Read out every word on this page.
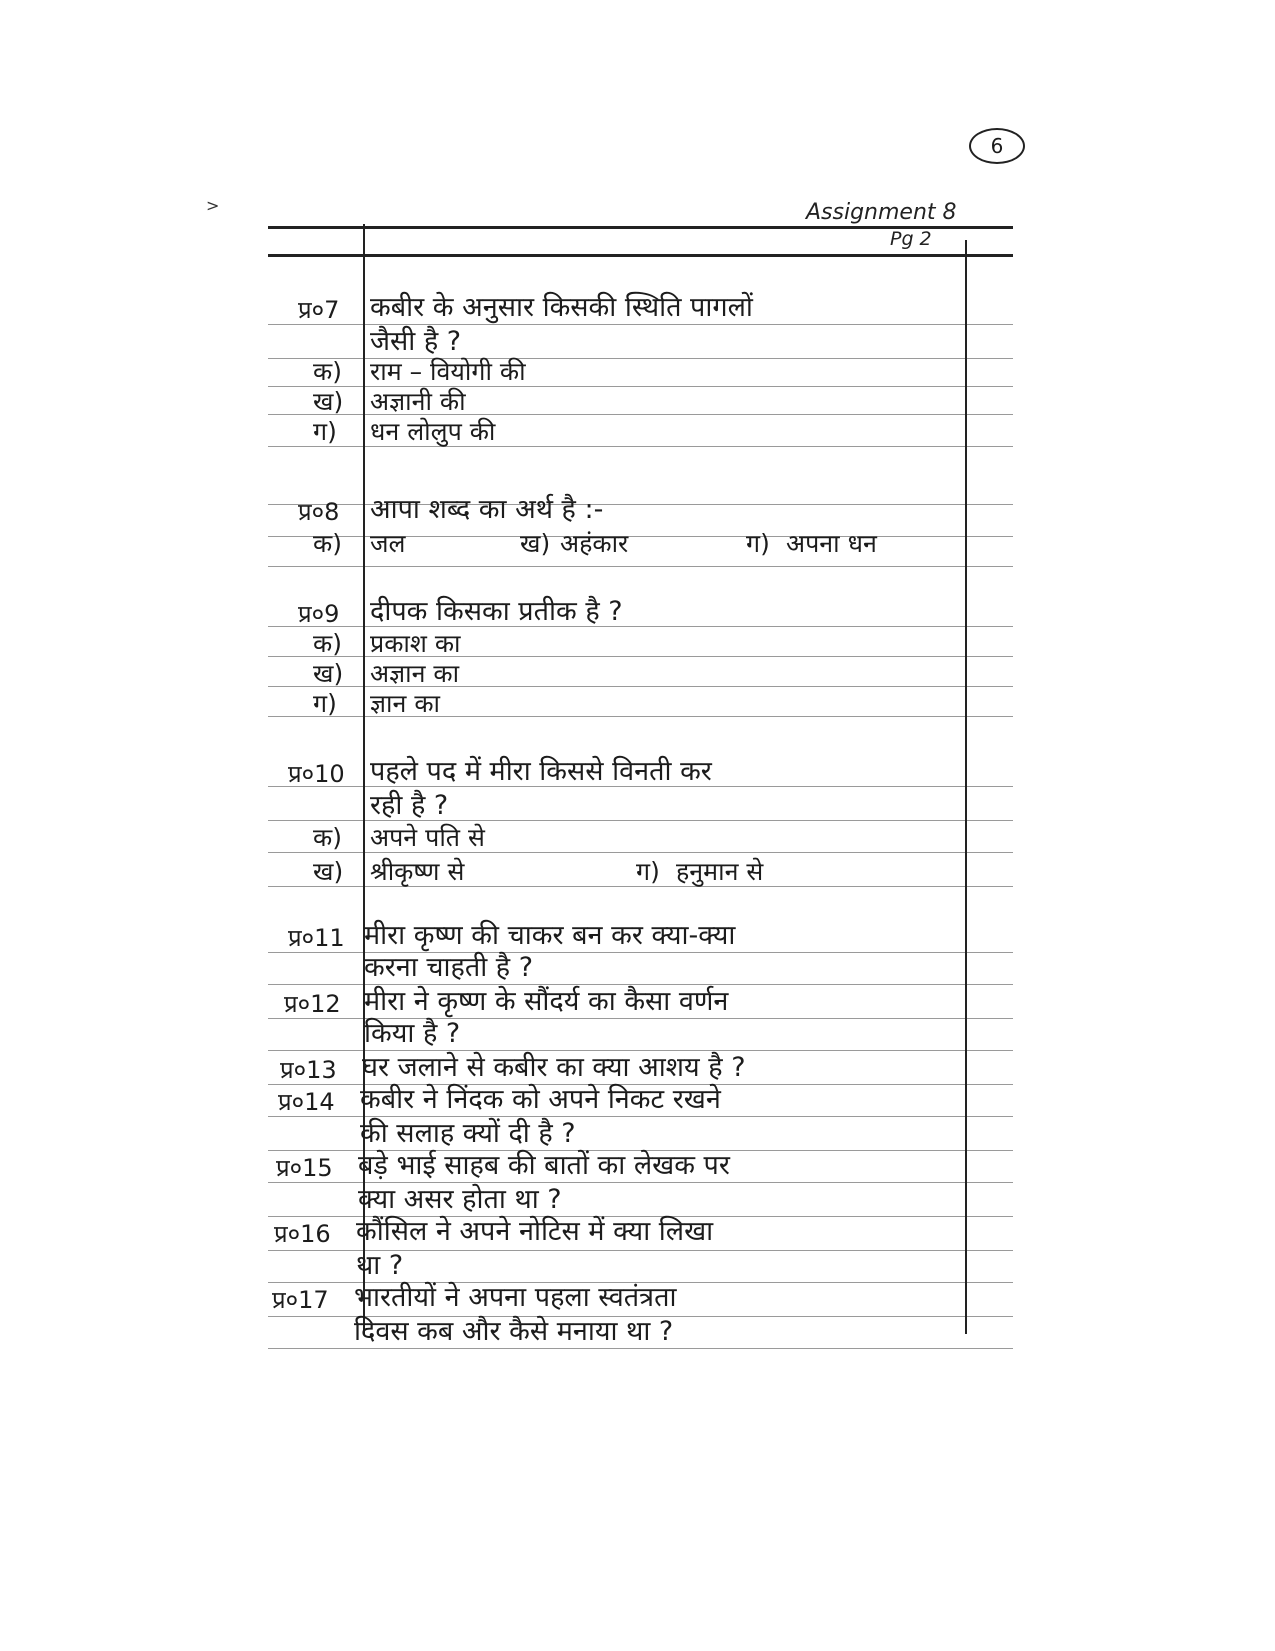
6
>	Assignment 8
Pg 2
प्र०7 कबीर के अनुसार किसकी स्थिति पागलों
जैसी है ?
क) राम – वियोगी की
ख) अज्ञानी की
ग) धन लोलुप की
प्र०8 आपा शब्द का अर्थ है :-
क) जल	ख) अहंकार	ग) अपना धन
प्र०9 दीपक किसका प्रतीक है ?
क) प्रकाश का
ख) अज्ञान का
ग) ज्ञान का
प्र०10 पहले पद में मीरा किससे विनती कर
रही है ?
क) अपने पति से
ख) श्रीकृष्ण से	ग) हनुमान से
प्र०11 मीरा कृष्ण की चाकर बन कर क्या-क्या
करना चाहती है ?
प्र०12 मीरा ने कृष्ण के सौंदर्य का कैसा वर्णन
किया है ?
प्र०13 घर जलाने से कबीर का क्या आशय है ?
प्र०14 कबीर ने निंदक को अपने निकट रखने
की सलाह क्यों दी है ?
प्र०15 बड़े भाई साहब की बातों का लेखक पर
क्या असर होता था ?
प्र०16 कौंसिल ने अपने नोटिस में क्या लिखा
था ?
प्र०17 भारतीयों ने अपना पहला स्वतंत्रता
दिवस कब और कैसे मनाया था ?
